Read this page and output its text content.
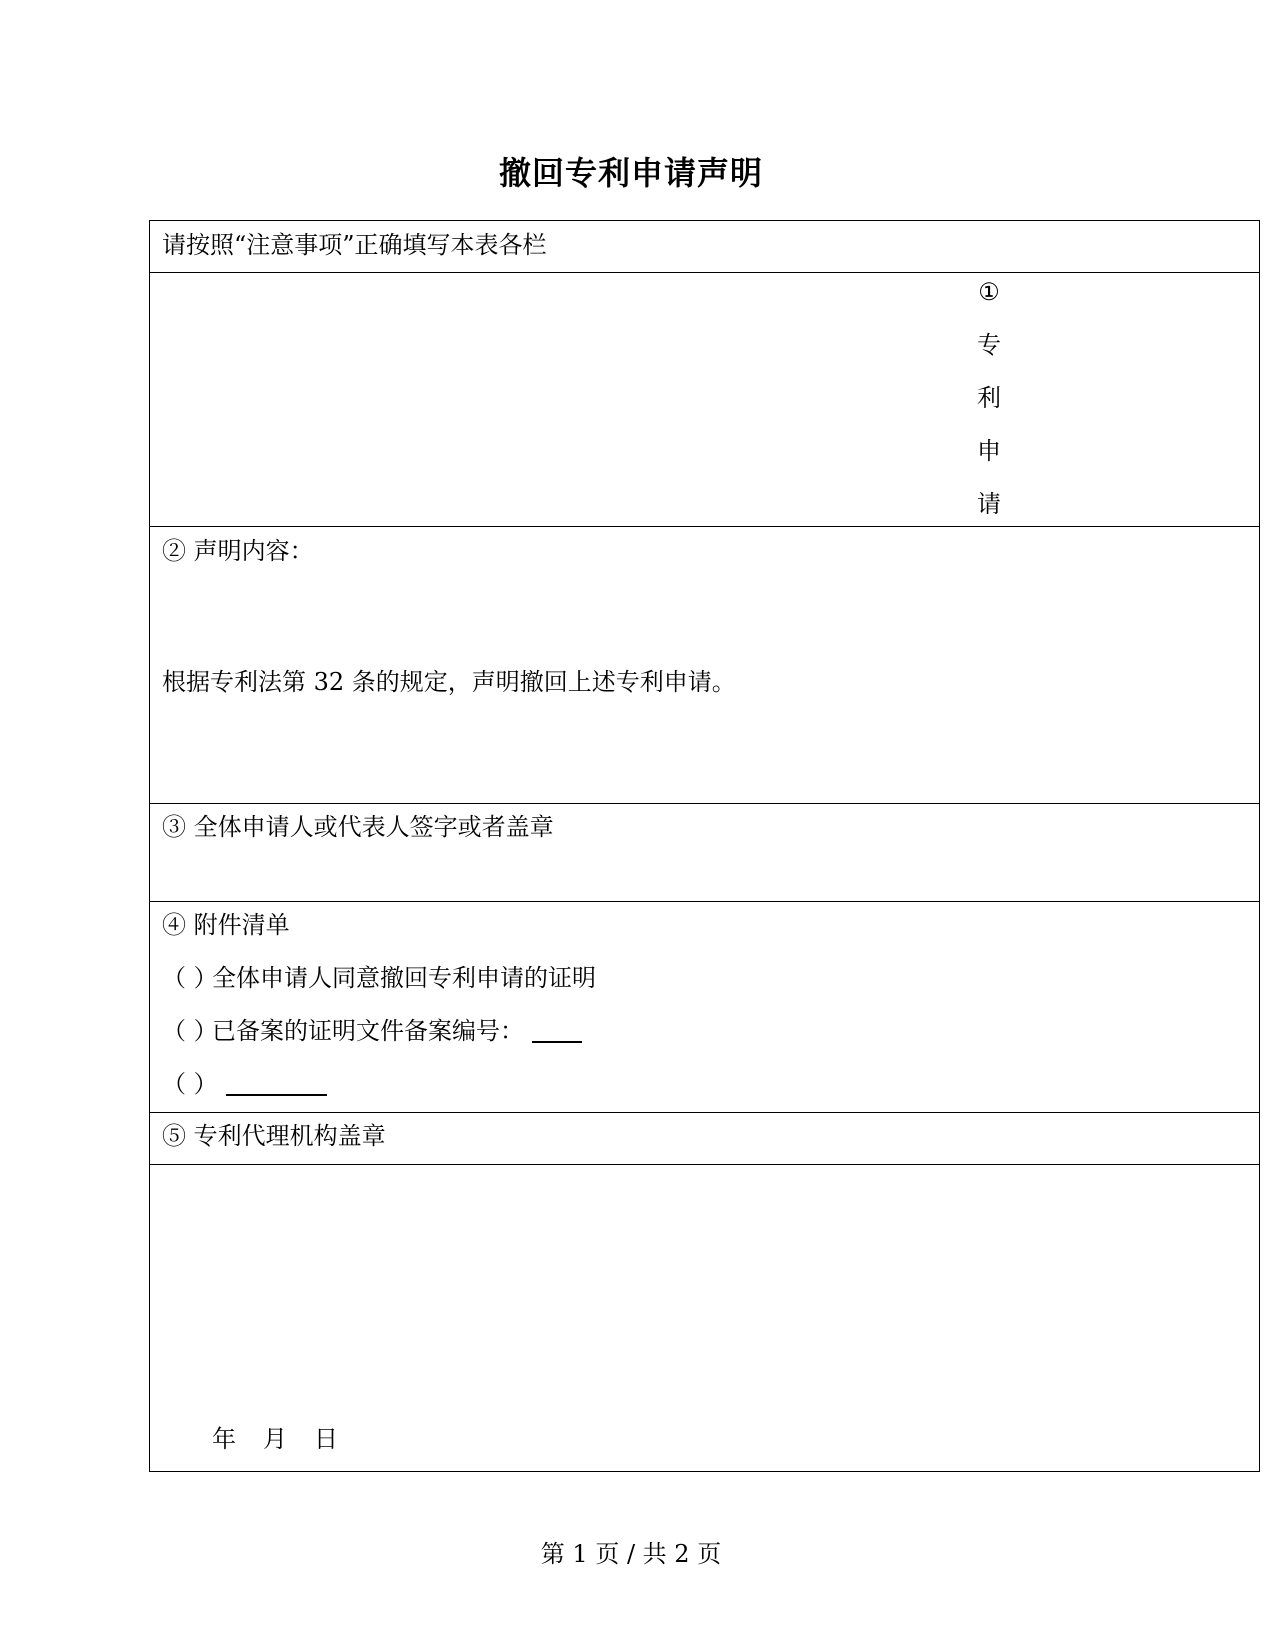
撤回专利申请声明
请按照“注意事项”正确填写本表各栏
①
专
利
申
请
② 声明内容：
根据专利法第 32 条的规定，声明撤回上述专利申请。
③ 全体申请人或代表人签字或者盖章
④ 附件清单
（ ）
全体申请人同意撤回专利申请的证明
（ ）
已备案的证明文件备案编号：
（ ）
⑤ 专利代理机构盖章
年 月 日
第 1 页 / 共 2 页
